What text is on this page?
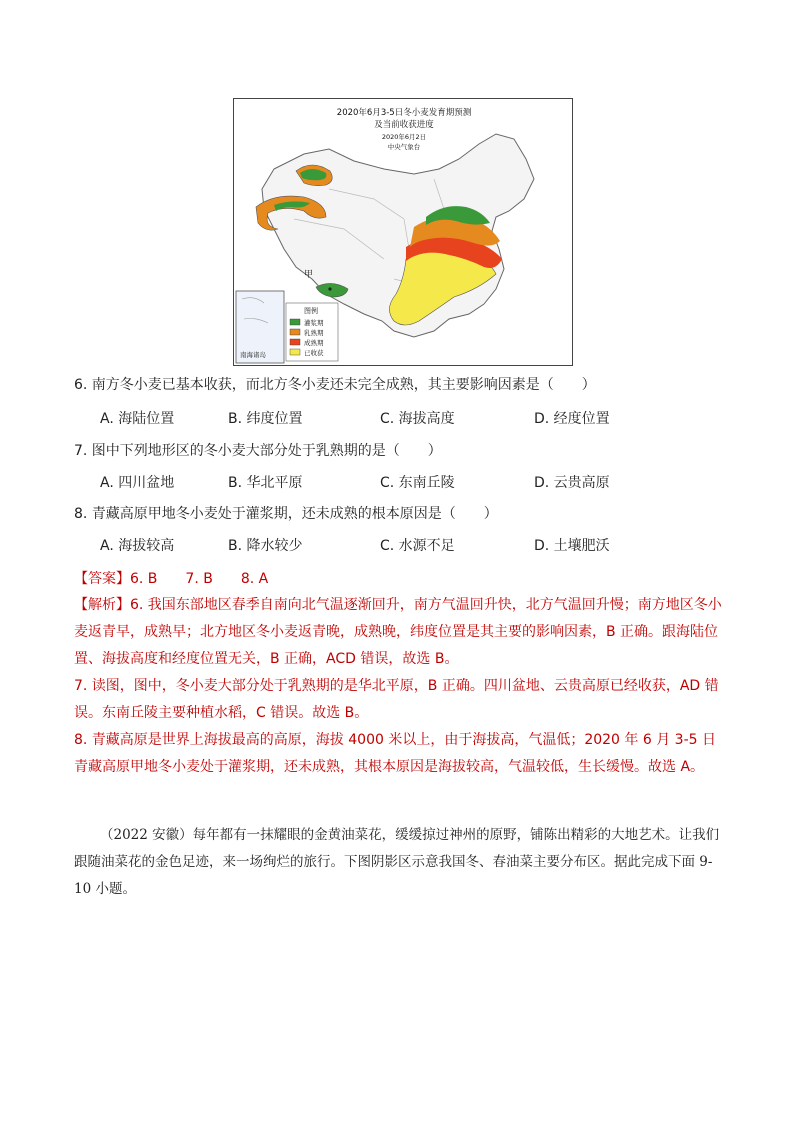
甲
南海诸岛
2020年6月3-5日冬小麦发育期预测
及当前收获进度
2020年6月2日
中央气象台
图例
灌浆期
乳熟期
成熟期
已收获
6. 南方冬小麦已基本收获，而北方冬小麦还未完全成熟，其主要影响因素是（　　）
A. 海陆位置	B. 纬度位置	C. 海拔高度	D. 经度位置
7. 图中下列地形区的冬小麦大部分处于乳熟期的是（　　）
A. 四川盆地	B. 华北平原	C. 东南丘陵	D. 云贵高原
8. 青藏高原甲地冬小麦处于灌浆期，还未成熟的根本原因是（　　）
A. 海拔较高	B. 降水较少	C. 水源不足	D. 土壤肥沃
【答案】6. B　　7. B　　8. A

【解析】6. 我国东部地区春季自南向北气温逐渐回升，南方气温回升快，北方气温回升慢；南方地区冬小麦返青早，成熟早；北方地区冬小麦返青晚，成熟晚，纬度位置是其主要的影响因素，B 正确。跟海陆位置、海拔高度和经度位置无关，B 正确，ACD 错误，故选 B。

7. 读图，图中，冬小麦大部分处于乳熟期的是华北平原，B 正确。四川盆地、云贵高原已经收获，AD 错误。东南丘陵主要种植水稻，C 错误。故选 B。

8. 青藏高原是世界上海拔最高的高原，海拔 4000 米以上，由于海拔高，气温低；2020 年 6 月 3-5 日青藏高原甲地冬小麦处于灌浆期，还未成熟，其根本原因是海拔较高，气温较低，生长缓慢。故选 A。

（2022 安徽）每年都有一抹耀眼的金黄油菜花，缓缓掠过神州的原野，铺陈出精彩的大地艺术。让我们跟随油菜花的金色足迹，来一场绚烂的旅行。下图阴影区示意我国冬、春油菜主要分布区。据此完成下面 9-10 小题。
